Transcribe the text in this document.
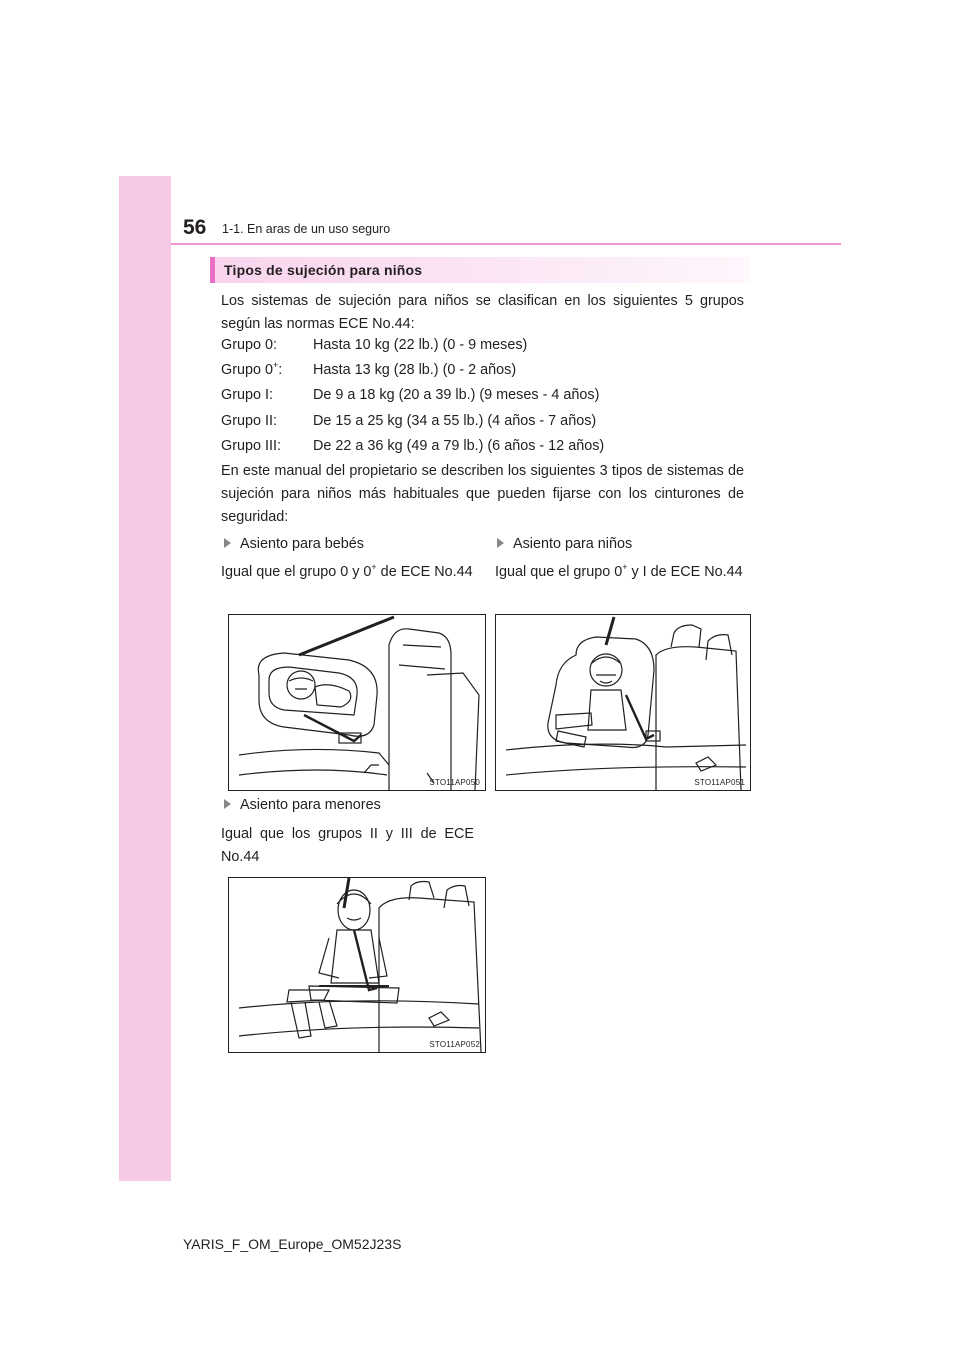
56 1-1. En aras de un uso seguro
Tipos de sujeción para niños
Los sistemas de sujeción para niños se clasifican en los siguientes 5 grupos según las normas ECE No.44:
Grupo 0:	Hasta 10 kg (22 lb.) (0 - 9 meses)
Grupo 0+: Hasta 13 kg (28 lb.) (0 - 2 años)
Grupo I:	De 9 a 18 kg (20 a 39 lb.) (9 meses - 4 años)
Grupo II:	De 15 a 25 kg (34 a 55 lb.) (4 años - 7 años)
Grupo III: De 22 a 36 kg (49 a 79 lb.) (6 años - 12 años)
En este manual del propietario se describen los siguientes 3 tipos de sistemas de sujeción para niños más habituales que pueden fijarse con los cinturones de seguridad:
Asiento para bebés
Igual que el grupo 0 y 0+ de ECE No.44
Asiento para niños
Igual que el grupo 0+ y I de ECE No.44
STO11AP050	STO11AP051
Asiento para menores
Igual que los grupos II y III de ECE No.44
STO11AP052
YARIS_F_OM_Europe_OM52J23S
